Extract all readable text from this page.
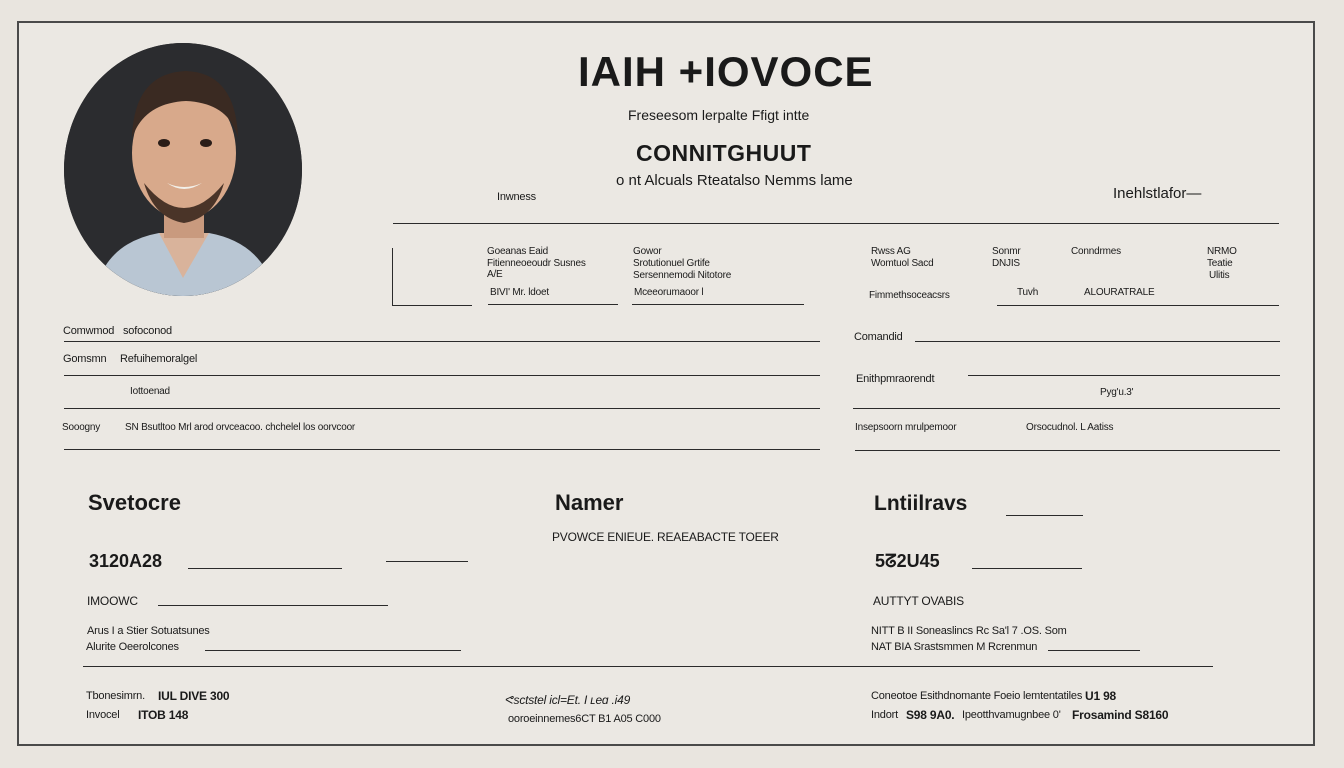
IAIH +IOVOCE
Freseesom lerpalte Ffigt intte
CONNITԌHUUT
o nt Alcuals Rteatalso Nemms lame
Inwness	Inehlstlafor—
Goeanas Eaid
Fitienneoeoudr Susnes
A/E
BIVI' Mr. ldoet
Gowor
Srotutionuel Grtife
Sersennemodi Nitotore
Mceeorumaoor l
Rwss AG
Womtuol Sacd
Fimmethsoceacsrs
Sonmr
DNJIS
Tuvh
Conndrmes
ALOURATRALE
NRMO
Teatie
Ulitis
Comwmod sofoconod
Gomsmn Refuihemoralgel
Iottoenad
Sooogny SN Bsutltoo Mrl arod orvceacoo. chchelel los oorvcoor
Comandid
Enithpmraorendt
Pyg'u.3'
Insepsoorn mrulpemoor	Orsocudnol. L Aatiss
Svetocre
3120A28
IMOOWC
Arus I a Stier Sotuatsunes
Alurite Oeerolcones
Namer
PVOWCE ENIEUE. REAEABACTE TOEER
Lntiilravs
5ᘔ2U45
AUTTYT OVABIS
NITT B II Soneaslincs Rc Sa'l 7 .OS. Som
NAT BIA Srastsmmen M Rcrenmun
Tbonesimrn. IUL DIVE 300
Invocel ITOB 148
ᕙsctstel icl=Et. I ʟeɑ .i49
ooroeinnemes6CT B1 A05 C000
Coneotoe Esithdnomante Foeio lemtentatiles U1 98
Indort S98 9A0. Ipeotthvamugnbee 0' Frosamind S8160
